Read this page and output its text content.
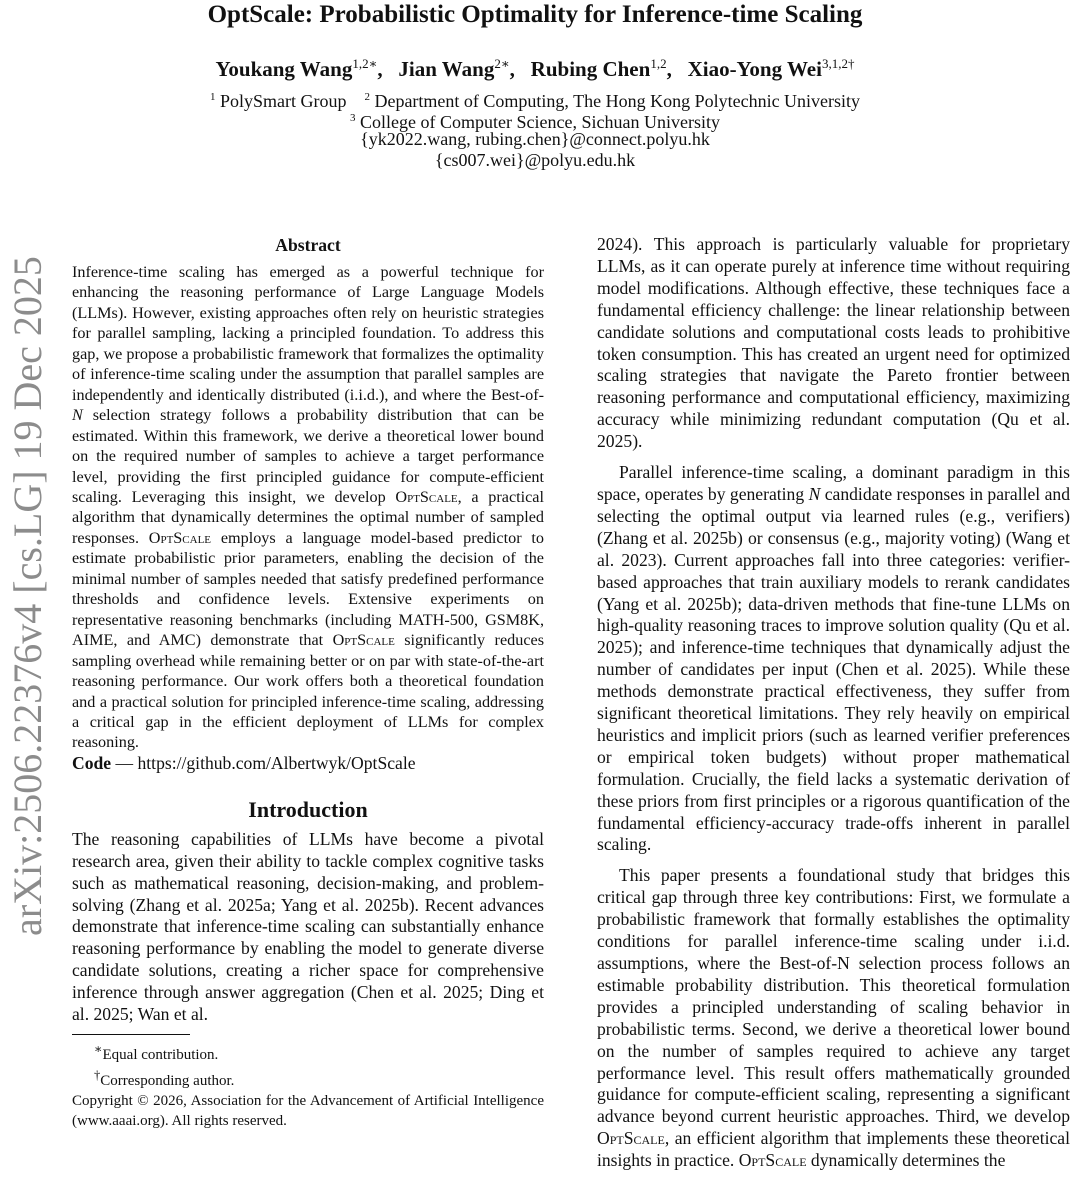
arXiv:2506.22376v4 [cs.LG] 19 Dec 2025
OptScale: Probabilistic Optimality for Inference-time Scaling
Youkang Wang$^{1,2∗}$,   Jian Wang$^{2∗}$,   Rubing Chen$^{1,2}$,   Xiao-Yong Wei$^{3,1,2\dagger}$
$^1$ PolySmart Group    $^2$ Department of Computing, The Hong Kong Polytechnic University
$^3$ College of Computer Science, Sichuan University
{yk2022.wang, rubing.chen}@connect.polyu.hk
{cs007.wei}@polyu.edu.hk
Abstract

Inference-time scaling has emerged as a powerful technique for enhancing the reasoning performance of Large Language Models (LLMs). However, existing approaches often rely on heuristic strategies for parallel sampling, lacking a principled foundation. To address this gap, we propose a probabilistic framework that formalizes the optimality of inference-time scaling under the assumption that parallel samples are independently and identically distributed (i.i.d.), and where the Best-of-N selection strategy follows a probability distribution that can be estimated. Within this framework, we derive a theoretical lower bound on the required number of samples to achieve a target performance level, providing the first principled guidance for compute-efficient scaling. Leveraging this insight, we develop OptScale, a practical algorithm that dynamically determines the optimal number of sampled responses. OptScale employs a language model-based predictor to estimate probabilistic prior parameters, enabling the decision of the minimal number of samples needed that satisfy predefined performance thresholds and confidence levels. Extensive experiments on representative reasoning benchmarks (including MATH-500, GSM8K, AIME, and AMC) demonstrate that OptScale significantly reduces sampling overhead while remaining better or on par with state-of-the-art reasoning performance. Our work offers both a theoretical foundation and a practical solution for principled inference-time scaling, addressing a critical gap in the efficient deployment of LLMs for complex reasoning.

Code — https://github.com/Albertwyk/OptScale

Introduction

The reasoning capabilities of LLMs have become a pivotal research area, given their ability to tackle complex cognitive tasks such as mathematical reasoning, decision-making, and problem-solving (Zhang et al. 2025a; Yang et al. 2025b). Recent advances demonstrate that inference-time scaling can substantially enhance reasoning performance by enabling the model to generate diverse candidate solutions, creating a richer space for comprehensive inference through answer aggregation (Chen et al. 2025; Ding et al. 2025; Wan et al.

∗Equal contribution.

†Corresponding author.

Copyright © 2026, Association for the Advancement of Artificial Intelligence (www.aaai.org). All rights reserved.

2024). This approach is particularly valuable for proprietary LLMs, as it can operate purely at inference time without requiring model modifications. Although effective, these techniques face a fundamental efficiency challenge: the linear relationship between candidate solutions and computational costs leads to prohibitive token consumption. This has created an urgent need for optimized scaling strategies that navigate the Pareto frontier between reasoning performance and computational efficiency, maximizing accuracy while minimizing redundant computation (Qu et al. 2025).

Parallel inference-time scaling, a dominant paradigm in this space, operates by generating N candidate responses in parallel and selecting the optimal output via learned rules (e.g., verifiers) (Zhang et al. 2025b) or consensus (e.g., majority voting) (Wang et al. 2023). Current approaches fall into three categories: verifier-based approaches that train auxiliary models to rerank candidates (Yang et al. 2025b); data-driven methods that fine-tune LLMs on high-quality reasoning traces to improve solution quality (Qu et al. 2025); and inference-time techniques that dynamically adjust the number of candidates per input (Chen et al. 2025). While these methods demonstrate practical effectiveness, they suffer from significant theoretical limitations. They rely heavily on empirical heuristics and implicit priors (such as learned verifier preferences or empirical token budgets) without proper mathematical formulation. Crucially, the field lacks a systematic derivation of these priors from first principles or a rigorous quantification of the fundamental efficiency-accuracy trade-offs inherent in parallel scaling.

This paper presents a foundational study that bridges this critical gap through three key contributions: First, we formulate a probabilistic framework that formally establishes the optimality conditions for parallel inference-time scaling under i.i.d. assumptions, where the Best-of-N selection process follows an estimable probability distribution. This theoretical formulation provides a principled understanding of scaling behavior in probabilistic terms. Second, we derive a theoretical lower bound on the number of samples required to achieve any target performance level. This result offers mathematically grounded guidance for compute-efficient scaling, representing a significant advance beyond current heuristic approaches. Third, we develop OptScale, an efficient algorithm that implements these theoretical insights in practice. OptScale dynamically determines the
